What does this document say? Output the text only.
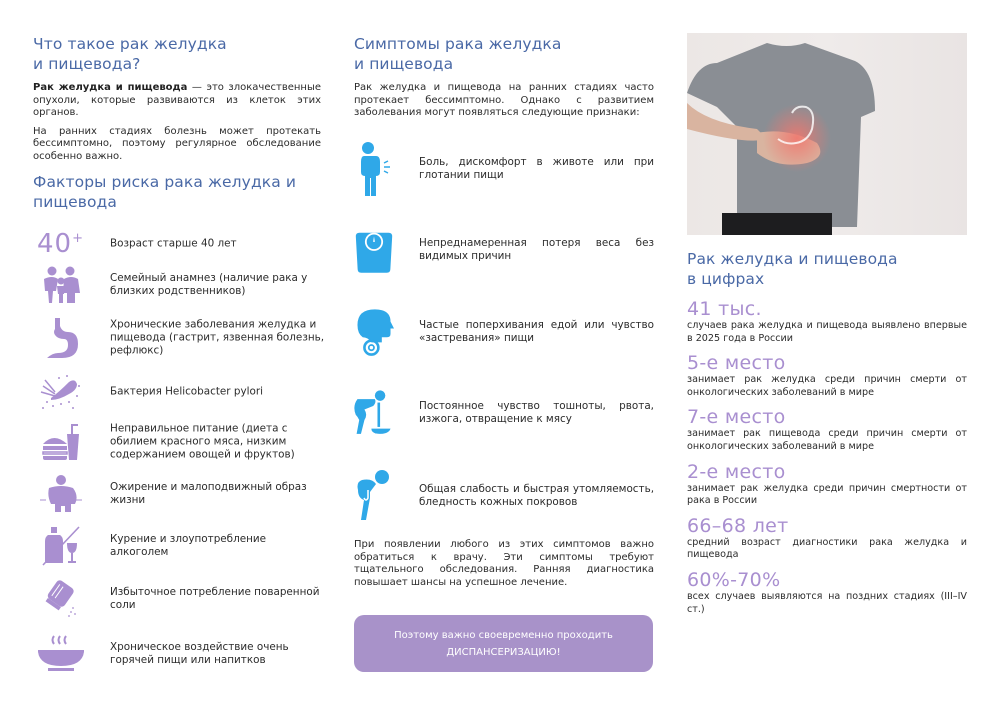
Что такое рак желудка
и пищевода?

Рак желудка и пищевода — это злокачественные опухоли, которые развиваются из клеток этих органов.

На ранних стадиях болезнь может протекать бессимптомно, поэтому регулярное обследование особенно важно.

Факторы риска рака желудка и
пищевода
40+	Возраст старше 40 лет
Семейный анамнез (наличие рака у близких родственников)
Хронические заболевания желудка и пищевода (гастрит, язвенная болезнь, рефлюкс)
Бактерия Helicobacter pylori
Неправильное питание (диета с обилием красного мяса, низким содержанием овощей и фруктов)
Ожирение и малоподвижный образ жизни
Курение и злоупотребление алкоголем
Избыточное потребление поваренной соли
Хроническое воздействие очень горячей пищи или напитков
Симптомы рака желудка
и пищевода

Рак желудка и пищевода на ранних стадиях часто протекает бессимптомно. Однако с развитием заболевания могут появляться следующие признаки:

Боль, дискомфорт в животе или при глотании пищи
Непреднамеренная потеря веса без видимых причин
Частые поперхивания едой или чувство «застревания» пищи
Постоянное чувство тошноты, рвота, изжога, отвращение к мясу
Общая слабость и быстрая утомляемость, бледность кожных покровов

При появлении любого из этих симптомов важно обратиться к врачу. Эти симптомы требуют тщательного обследования. Ранняя диагностика повышает шансы на успешное лечение.

Поэтому важно своевременно проходить
ДИСПАНСЕРИЗАЦИЮ!
Рак желудка и пищевода
в цифрах
41 тыс.
случаев рака желудка и пищевода выявлено впервые в 2025 года в России
5-е место
занимает рак желудка среди причин смерти от онкологических заболеваний в мире
7-е место
занимает рак пищевода среди причин смерти от онкологических заболеваний в мире
2-е место
занимает рак желудка среди причин смертности от рака в России
66–68 лет
средний возраст диагностики рака желудка и пищевода
60%-70%
всех случаев выявляются на поздних стадиях (III–IV ст.)
